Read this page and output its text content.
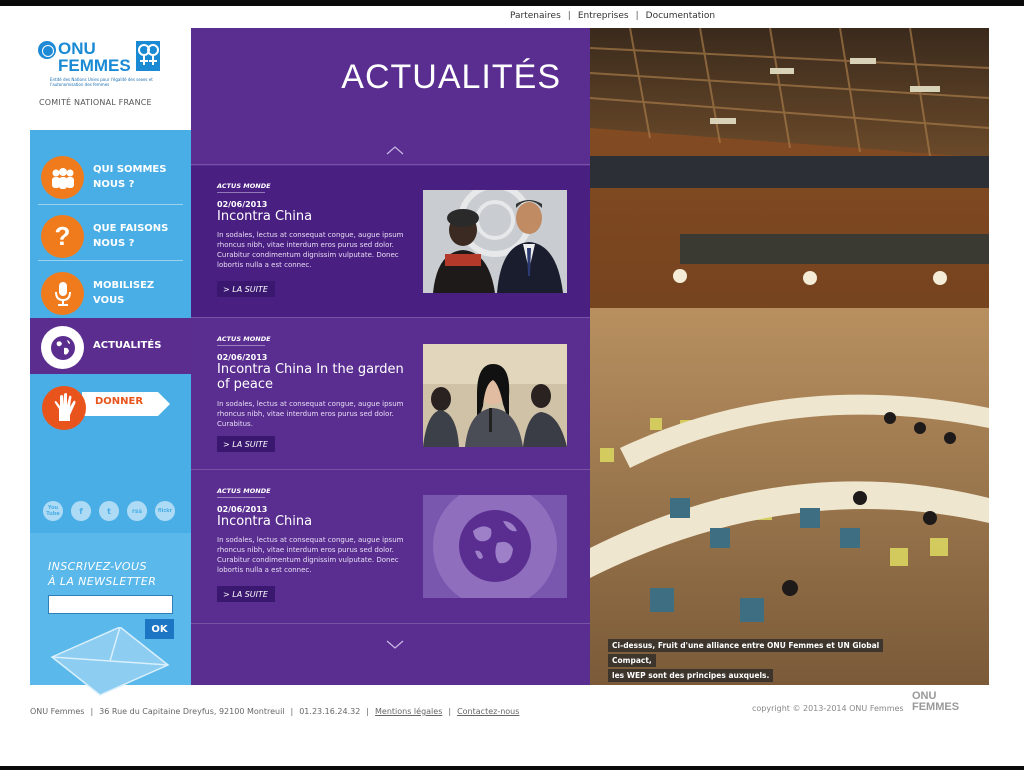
Partenaires | Entreprises | Documentation
ONU
FEMMES
Entité des Nations Unies pour l'égalité des sexes et l'autonomisation des femmes
COMITÉ NATIONAL FRANCE
QUI SOMMES
NOUS ?
? QUE FAISONS
NOUS ?
MOBILISEZ
VOUS
ACTUALITÉS
DONNER
You Tube	f	t	rss	flickr
INSCRIVEZ-VOUS
À LA NEWSLETTER
OK
ACTUALITÉS
ACTUS MONDE
02/06/2013
Incontra China
In sodales, lectus at consequat congue, augue ipsum rhoncus nibh, vitae interdum eros purus sed dolor. Curabitur condimentum dignissim vulputate. Donec lobortis nulla a est connec.
> LA SUITE
ACTUS MONDE
02/06/2013
Incontra China In the garden of peace
In sodales, lectus at consequat congue, augue ipsum rhoncus nibh, vitae interdum eros purus sed dolor. Curabitus.
> LA SUITE
ACTUS MONDE
02/06/2013
Incontra China
In sodales, lectus at consequat congue, augue ipsum rhoncus nibh, vitae interdum eros purus sed dolor. Curabitur condimentum dignissim vulputate. Donec lobortis nulla a est connec.
> LA SUITE
Ci-dessus, Fruit d'une alliance entre ONU Femmes et UN Global Compact,
les WEP sont des principes auxquels.
ONU Femmes | 36 Rue du Capitaine Dreyfus, 92100 Montreuil | 01.23.16.24.32 | Mentions légales | Contactez-nous	copyright © 2013-2014 ONU Femmes
ONU
FEMMES
